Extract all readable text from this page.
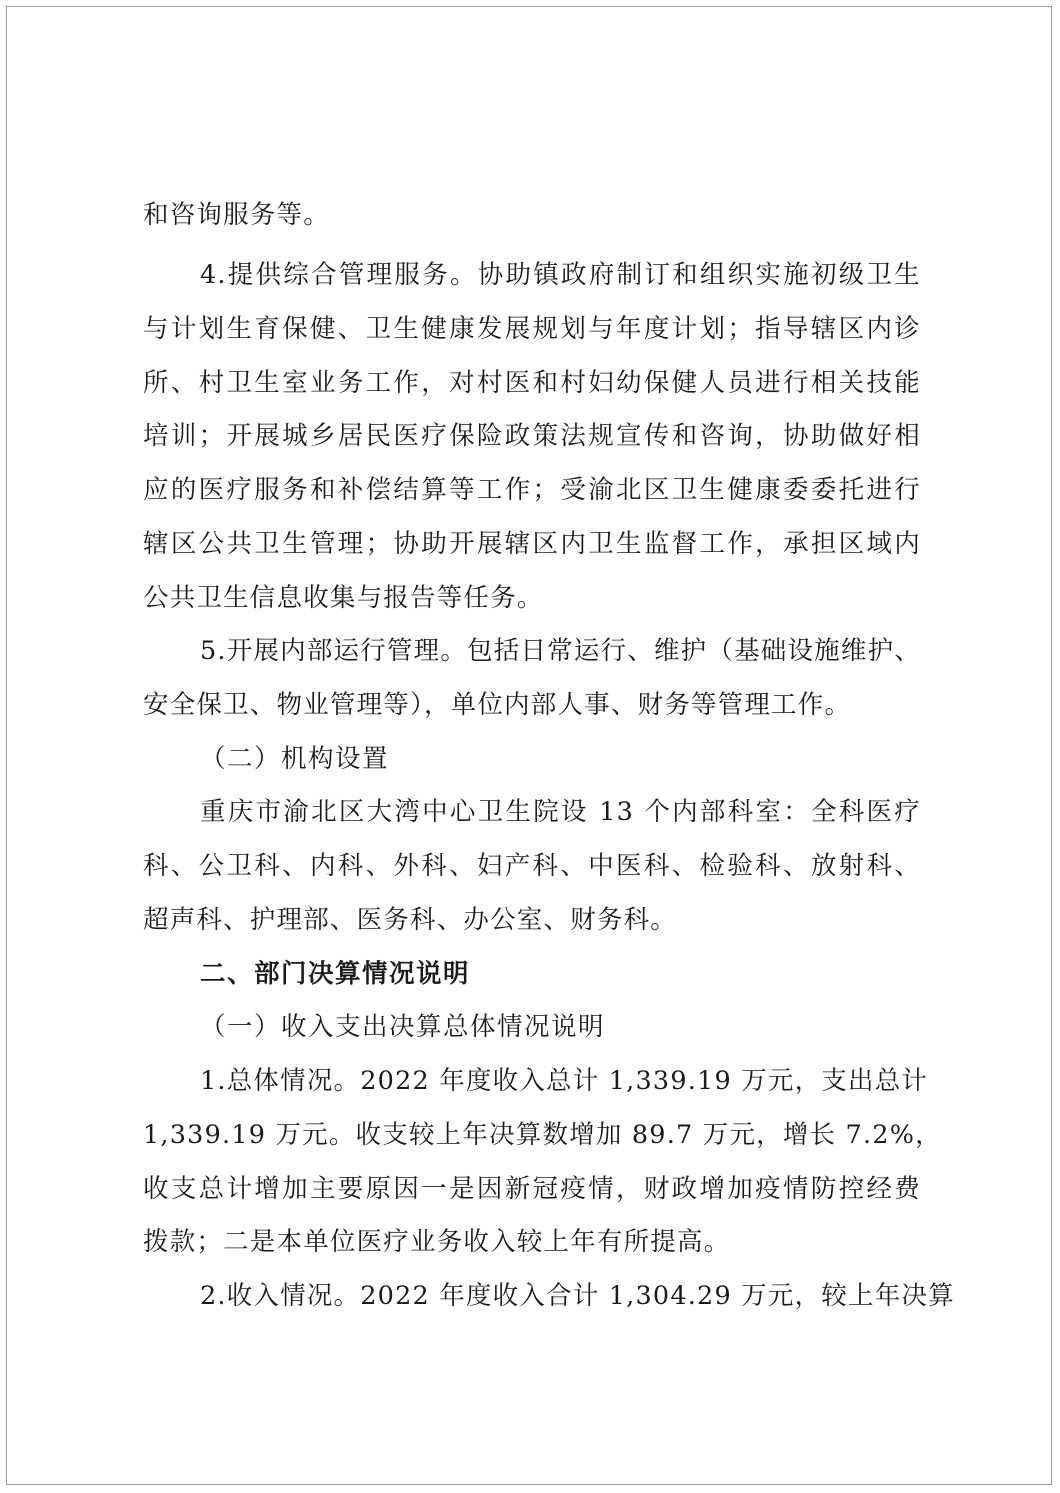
和咨询服务等。
4.提供综合管理服务。协助镇政府制订和组织实施初级卫生
与计划生育保健、卫生健康发展规划与年度计划；指导辖区内诊
所、村卫生室业务工作，对村医和村妇幼保健人员进行相关技能
培训；开展城乡居民医疗保险政策法规宣传和咨询，协助做好相
应的医疗服务和补偿结算等工作；受渝北区卫生健康委委托进行
辖区公共卫生管理；协助开展辖区内卫生监督工作，承担区域内
公共卫生信息收集与报告等任务。
5.开展内部运行管理。包括日常运行、维护（基础设施维护、
安全保卫、物业管理等），单位内部人事、财务等管理工作。
（二）机构设置
重庆市渝北区大湾中心卫生院设 13 个内部科室：全科医疗
科、公卫科、内科、外科、妇产科、中医科、检验科、放射科、
超声科、护理部、医务科、办公室、财务科。
二、部门决算情况说明
（一）收入支出决算总体情况说明
1.总体情况。2022 年度收入总计 1,339.19 万元，支出总计
1,339.19 万元。收支较上年决算数增加 89.7 万元，增长 7.2%，
收支总计增加主要原因一是因新冠疫情，财政增加疫情防控经费
拨款；二是本单位医疗业务收入较上年有所提高。
2.收入情况。2022 年度收入合计 1,304.29 万元，较上年决算
